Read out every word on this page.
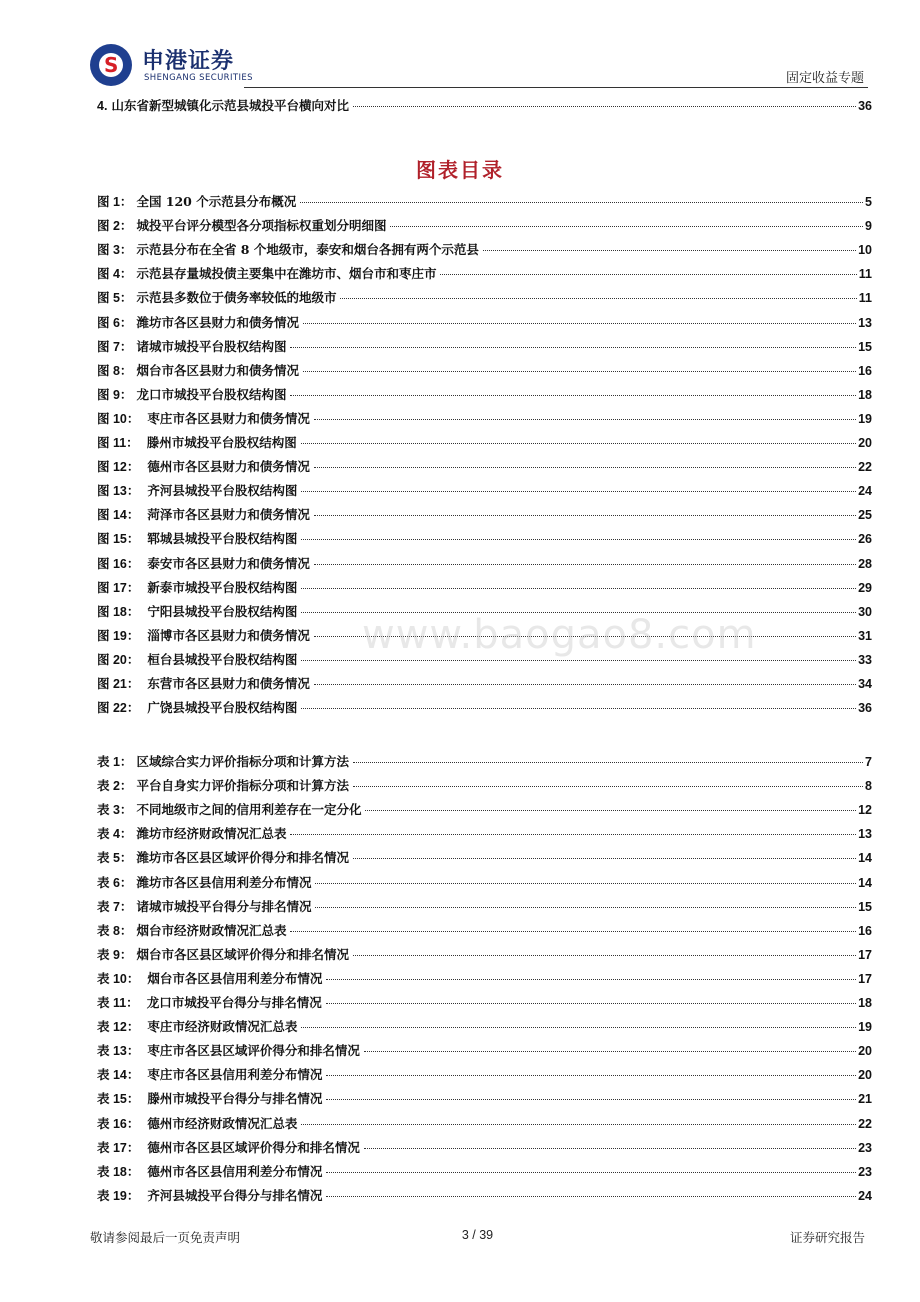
S 申港证券
SHENGANG SECURITIES	固定收益专题
4. 山东省新型城镇化示范县城投平台横向对比	36
图表目录
图 1： 全国 120 个示范县分布概况	5
图 2： 城投平台评分模型各分项指标权重划分明细图	9
图 3： 示范县分布在全省 8 个地级市，泰安和烟台各拥有两个示范县	10
图 4： 示范县存量城投债主要集中在潍坊市、烟台市和枣庄市	11
图 5： 示范县多数位于债务率较低的地级市	11
图 6： 潍坊市各区县财力和债务情况	13
图 7： 诸城市城投平台股权结构图	15
图 8： 烟台市各区县财力和债务情况	16
图 9： 龙口市城投平台股权结构图	18
图 10： 枣庄市各区县财力和债务情况	19
图 11： 滕州市城投平台股权结构图	20
图 12： 德州市各区县财力和债务情况	22
图 13： 齐河县城投平台股权结构图	24
图 14： 菏泽市各区县财力和债务情况	25
图 15： 郓城县城投平台股权结构图	26
图 16： 泰安市各区县财力和债务情况	28
图 17： 新泰市城投平台股权结构图	29
图 18： 宁阳县城投平台股权结构图	30
图 19： 淄博市各区县财力和债务情况	31
图 20： 桓台县城投平台股权结构图	33
图 21： 东营市各区县财力和债务情况	34
图 22： 广饶县城投平台股权结构图	36
表 1： 区域综合实力评价指标分项和计算方法	7
表 2： 平台自身实力评价指标分项和计算方法	8
表 3： 不同地级市之间的信用利差存在一定分化	12
表 4： 潍坊市经济财政情况汇总表	13
表 5： 潍坊市各区县区域评价得分和排名情况	14
表 6： 潍坊市各区县信用利差分布情况	14
表 7： 诸城市城投平台得分与排名情况	15
表 8： 烟台市经济财政情况汇总表	16
表 9： 烟台市各区县区域评价得分和排名情况	17
表 10： 烟台市各区县信用利差分布情况	17
表 11： 龙口市城投平台得分与排名情况	18
表 12： 枣庄市经济财政情况汇总表	19
表 13： 枣庄市各区县区域评价得分和排名情况	20
表 14： 枣庄市各区县信用利差分布情况	20
表 15： 滕州市城投平台得分与排名情况	21
表 16： 德州市经济财政情况汇总表	22
表 17： 德州市各区县区域评价得分和排名情况	23
表 18： 德州市各区县信用利差分布情况	23
表 19： 齐河县城投平台得分与排名情况	24
www.baogao8.com
敬请参阅最后一页免责声明	3 / 39	证券研究报告
